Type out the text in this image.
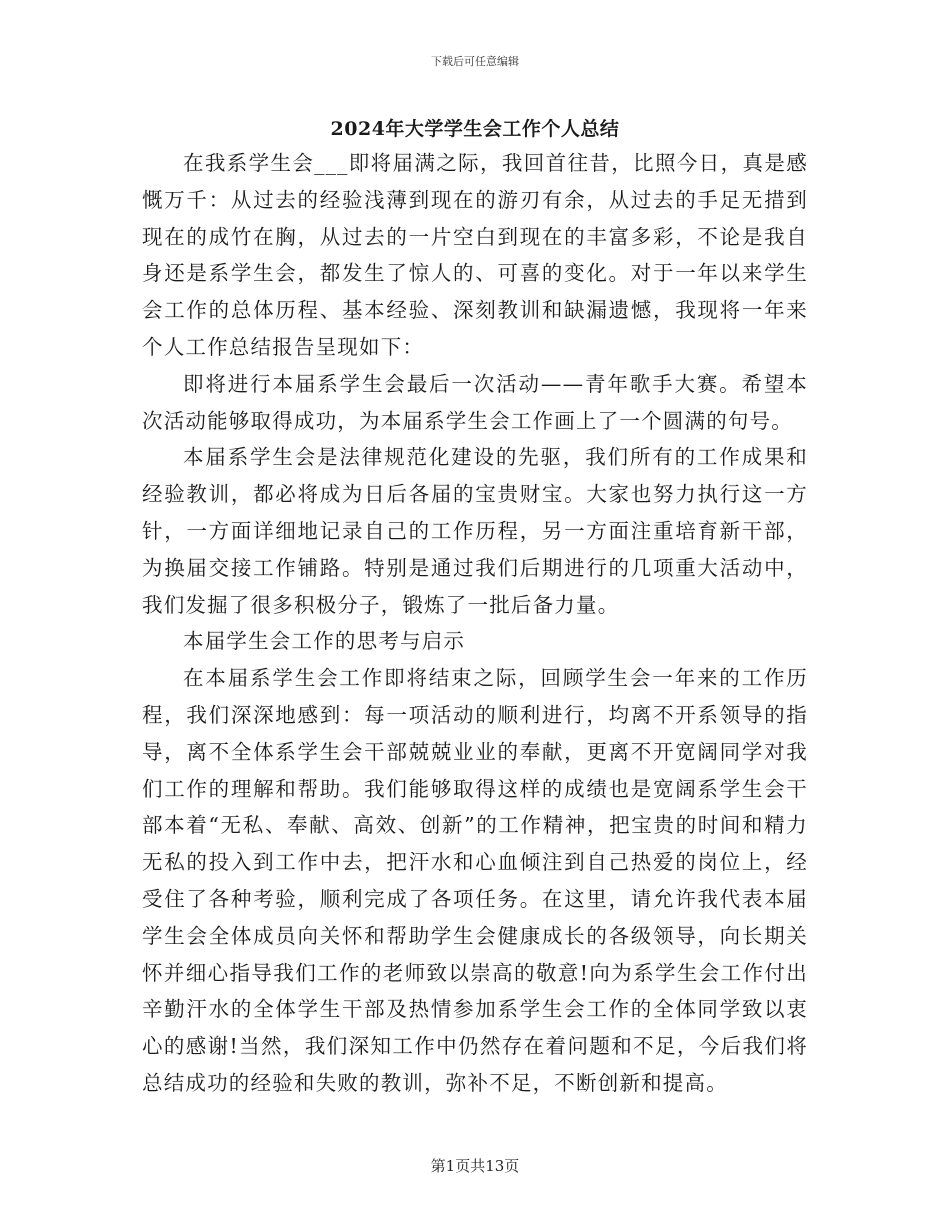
下载后可任意编辑
2024年大学学生会工作个人总结

在我系学生会___即将届满之际，我回首往昔，比照今日，真是感慨万千：从过去的经验浅薄到现在的游刃有余，从过去的手足无措到现在的成竹在胸，从过去的一片空白到现在的丰富多彩，不论是我自身还是系学生会，都发生了惊人的、可喜的变化。对于一年以来学生会工作的总体历程、基本经验、深刻教训和缺漏遗憾，我现将一年来个人工作总结报告呈现如下：

即将进行本届系学生会最后一次活动——青年歌手大赛。希望本次活动能够取得成功，为本届系学生会工作画上了一个圆满的句号。

本届系学生会是法律规范化建设的先驱，我们所有的工作成果和经验教训，都必将成为日后各届的宝贵财宝。大家也努力执行这一方针，一方面详细地记录自己的工作历程，另一方面注重培育新干部，为换届交接工作铺路。特别是通过我们后期进行的几项重大活动中，我们发掘了很多积极分子，锻炼了一批后备力量。

本届学生会工作的思考与启示

在本届系学生会工作即将结束之际，回顾学生会一年来的工作历程，我们深深地感到：每一项活动的顺利进行，均离不开系领导的指导，离不全体系学生会干部兢兢业业的奉献，更离不开宽阔同学对我们工作的理解和帮助。我们能够取得这样的成绩也是宽阔系学生会干部本着“无私、奉献、高效、创新”的工作精神，把宝贵的时间和精力无私的投入到工作中去，把汗水和心血倾注到自己热爱的岗位上，经受住了各种考验，顺利完成了各项任务。在这里，请允许我代表本届学生会全体成员向关怀和帮助学生会健康成长的各级领导，向长期关怀并细心指导我们工作的老师致以崇高的敬意!向为系学生会工作付出辛勤汗水的全体学生干部及热情参加系学生会工作的全体同学致以衷心的感谢!当然，我们深知工作中仍然存在着问题和不足，今后我们将总结成功的经验和失败的教训，弥补不足，不断创新和提高。

第1页共13页
